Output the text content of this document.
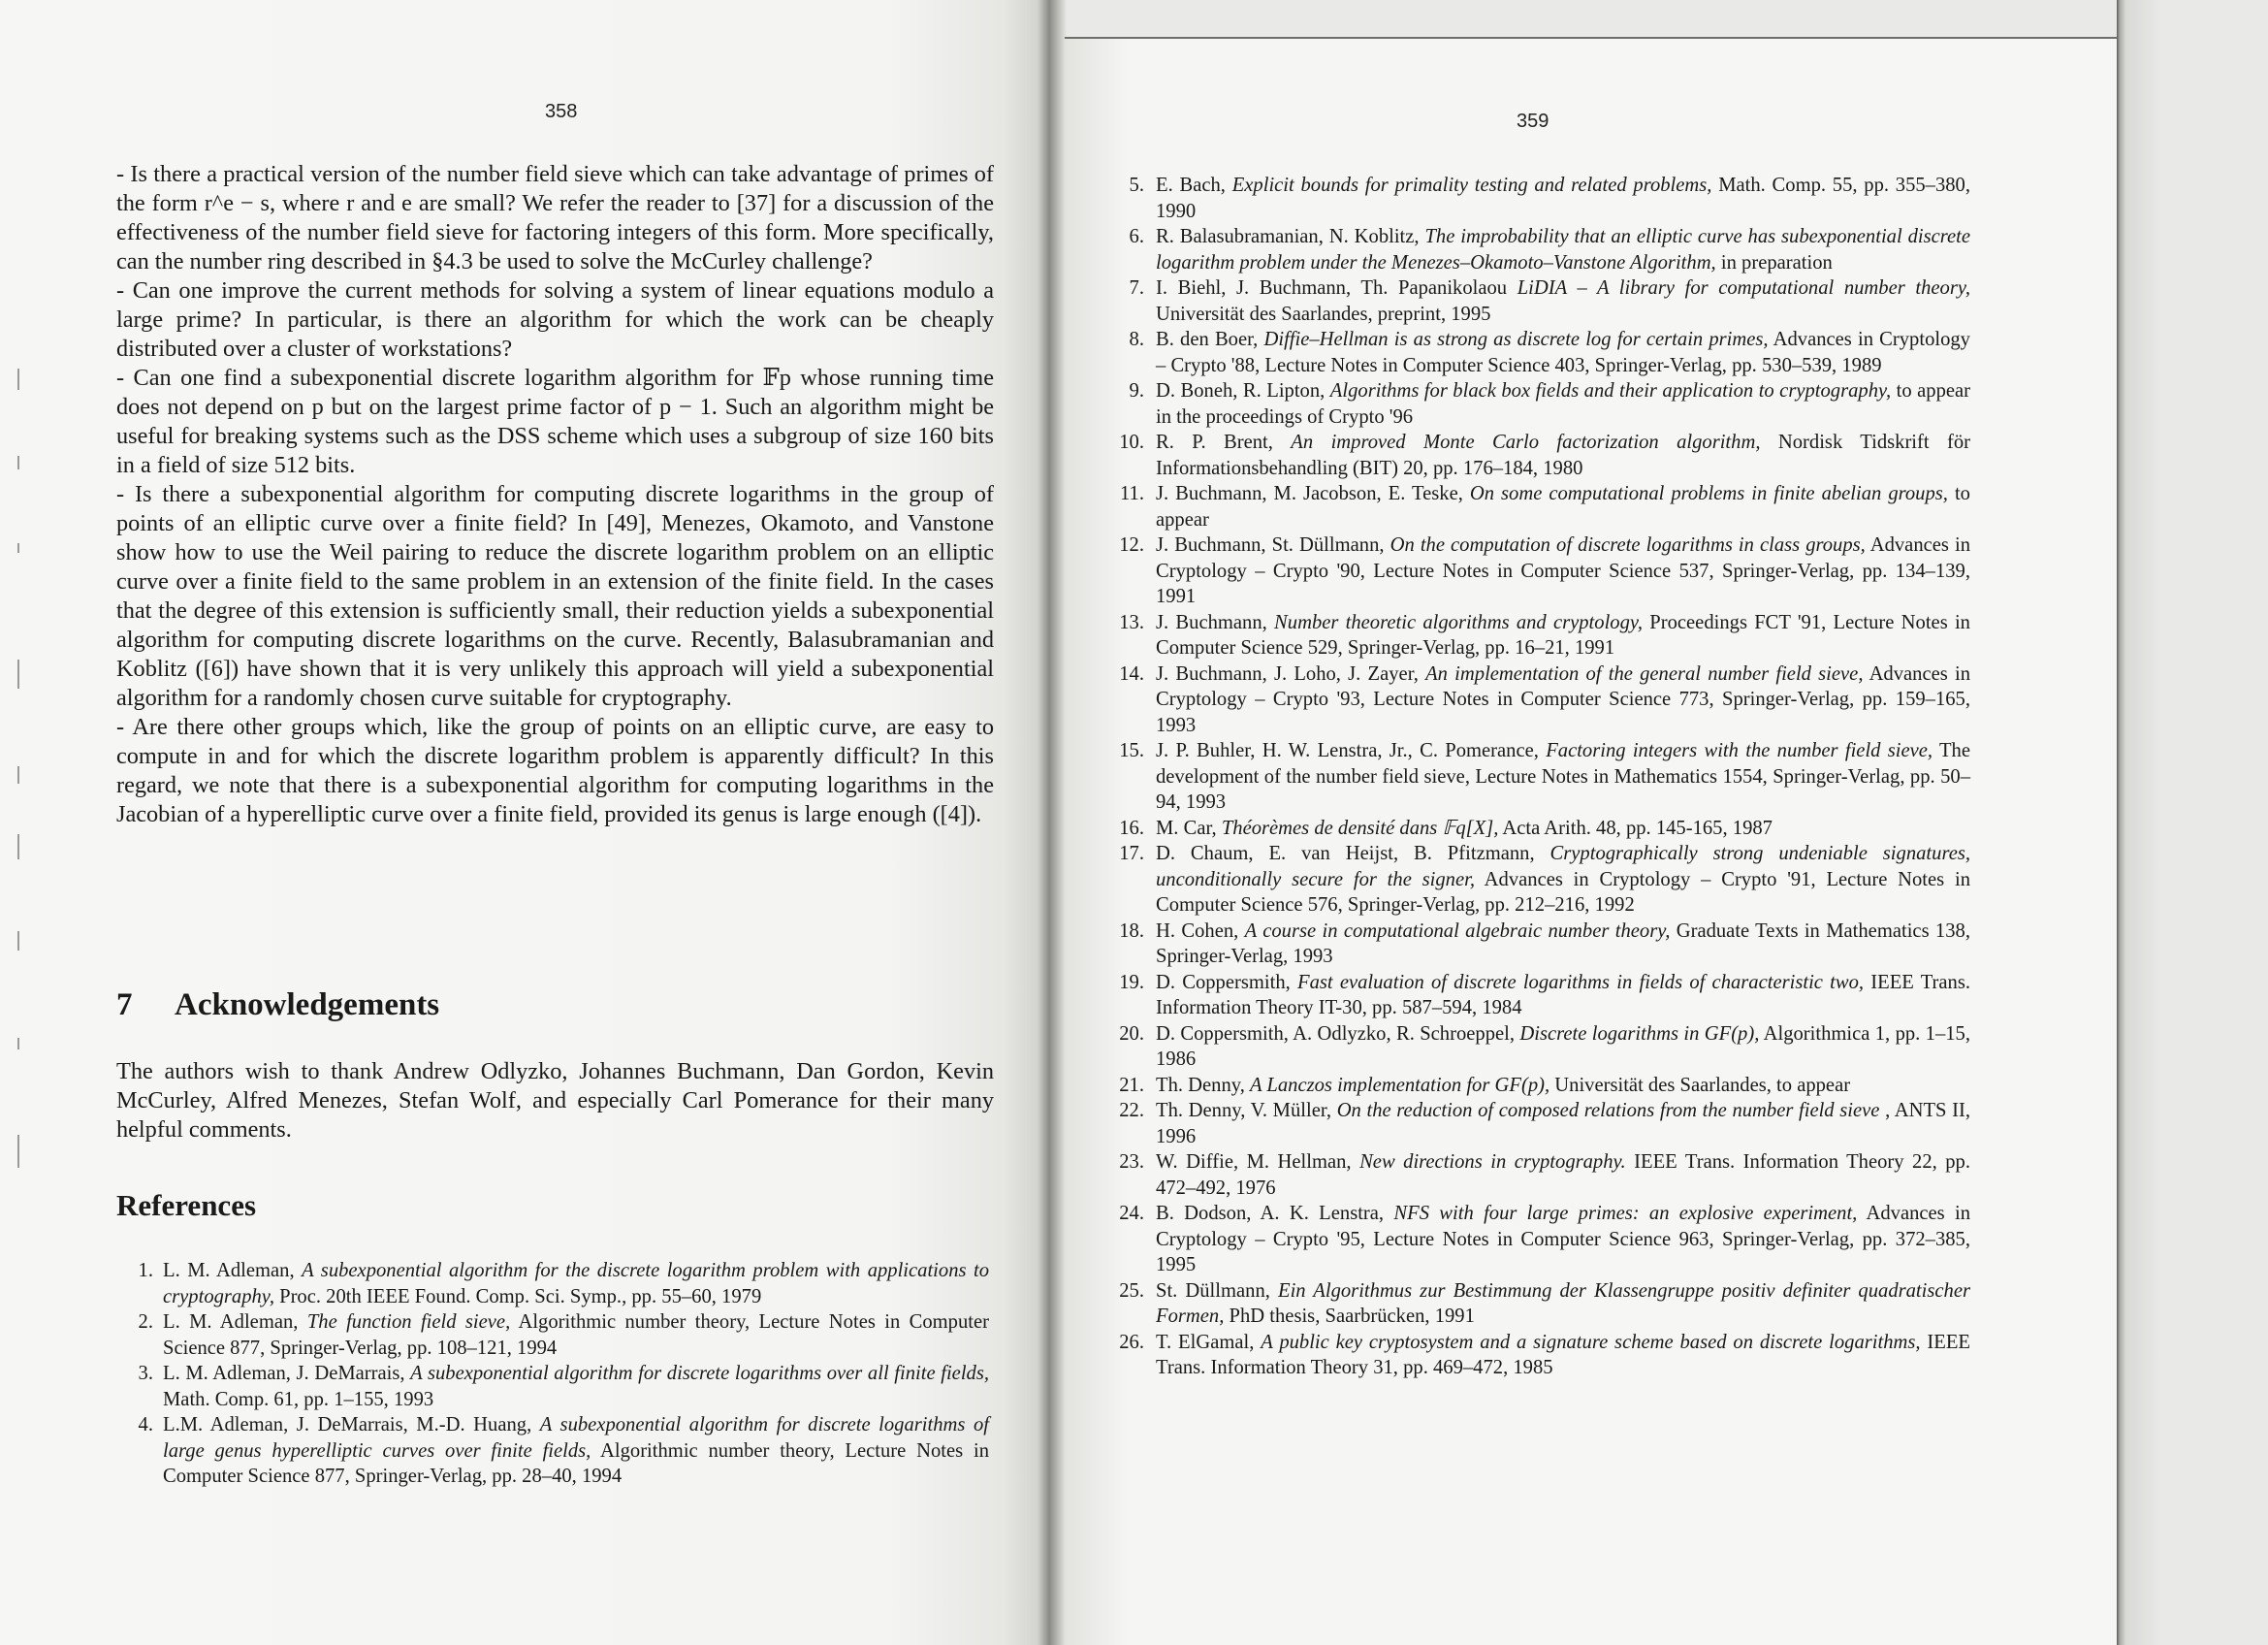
358

- Is there a practical version of the number field sieve which can take advantage of primes of the form r^e − s, where r and e are small? We refer the reader to [37] for a discussion of the effectiveness of the number field sieve for factoring integers of this form. More specifically, can the number ring described in §4.3 be used to solve the McCurley challenge?

- Can one improve the current methods for solving a system of linear equations modulo a large prime? In particular, is there an algorithm for which the work can be cheaply distributed over a cluster of workstations?

- Can one find a subexponential discrete logarithm algorithm for 𝔽p whose running time does not depend on p but on the largest prime factor of p − 1. Such an algorithm might be useful for breaking systems such as the DSS scheme which uses a subgroup of size 160 bits in a field of size 512 bits.

- Is there a subexponential algorithm for computing discrete logarithms in the group of points of an elliptic curve over a finite field? In [49], Menezes, Okamoto, and Vanstone show how to use the Weil pairing to reduce the discrete logarithm problem on an elliptic curve over a finite field to the same problem in an extension of the finite field. In the cases that the degree of this extension is sufficiently small, their reduction yields a subexponential algorithm for computing discrete logarithms on the curve. Recently, Balasubramanian and Koblitz ([6]) have shown that it is very unlikely this approach will yield a subexponential algorithm for a randomly chosen curve suitable for cryptography.

- Are there other groups which, like the group of points on an elliptic curve, are easy to compute in and for which the discrete logarithm problem is apparently difficult? In this regard, we note that there is a subexponential algorithm for computing logarithms in the Jacobian of a hyperelliptic curve over a finite field, provided its genus is large enough ([4]).

7 Acknowledgements

The authors wish to thank Andrew Odlyzko, Johannes Buchmann, Dan Gordon, Kevin McCurley, Alfred Menezes, Stefan Wolf, and especially Carl Pomerance for their many helpful comments.

References
1. L. M. Adleman, A subexponential algorithm for the discrete logarithm problem with applications to cryptography, Proc. 20th IEEE Found. Comp. Sci. Symp., pp. 55–60, 1979
2. L. M. Adleman, The function field sieve, Algorithmic number theory, Lecture Notes in Computer Science 877, Springer-Verlag, pp. 108–121, 1994
3. L. M. Adleman, J. DeMarrais, A subexponential algorithm for discrete logarithms over all finite fields, Math. Comp. 61, pp. 1–155, 1993
4. L.M. Adleman, J. DeMarrais, M.-D. Huang, A subexponential algorithm for discrete logarithms of large genus hyperelliptic curves over finite fields, Algorithmic number theory, Lecture Notes in Computer Science 877, Springer-Verlag, pp. 28–40, 1994
359
5. E. Bach, Explicit bounds for primality testing and related problems, Math. Comp. 55, pp. 355–380, 1990
6. R. Balasubramanian, N. Koblitz, The improbability that an elliptic curve has subexponential discrete logarithm problem under the Menezes–Okamoto–Vanstone Algorithm, in preparation
7. I. Biehl, J. Buchmann, Th. Papanikolaou LiDIA – A library for computational number theory, Universität des Saarlandes, preprint, 1995
8. B. den Boer, Diffie–Hellman is as strong as discrete log for certain primes, Advances in Cryptology – Crypto '88, Lecture Notes in Computer Science 403, Springer-Verlag, pp. 530–539, 1989
9. D. Boneh, R. Lipton, Algorithms for black box fields and their application to cryptography, to appear in the proceedings of Crypto '96
10. R. P. Brent, An improved Monte Carlo factorization algorithm, Nordisk Tidskrift för Informationsbehandling (BIT) 20, pp. 176–184, 1980
11. J. Buchmann, M. Jacobson, E. Teske, On some computational problems in finite abelian groups, to appear
12. J. Buchmann, St. Düllmann, On the computation of discrete logarithms in class groups, Advances in Cryptology – Crypto '90, Lecture Notes in Computer Science 537, Springer-Verlag, pp. 134–139, 1991
13. J. Buchmann, Number theoretic algorithms and cryptology, Proceedings FCT '91, Lecture Notes in Computer Science 529, Springer-Verlag, pp. 16–21, 1991
14. J. Buchmann, J. Loho, J. Zayer, An implementation of the general number field sieve, Advances in Cryptology – Crypto '93, Lecture Notes in Computer Science 773, Springer-Verlag, pp. 159–165, 1993
15. J. P. Buhler, H. W. Lenstra, Jr., C. Pomerance, Factoring integers with the number field sieve, The development of the number field sieve, Lecture Notes in Mathematics 1554, Springer-Verlag, pp. 50–94, 1993
16. M. Car, Théorèmes de densité dans 𝔽q[X], Acta Arith. 48, pp. 145-165, 1987
17. D. Chaum, E. van Heijst, B. Pfitzmann, Cryptographically strong undeniable signatures, unconditionally secure for the signer, Advances in Cryptology – Crypto '91, Lecture Notes in Computer Science 576, Springer-Verlag, pp. 212–216, 1992
18. H. Cohen, A course in computational algebraic number theory, Graduate Texts in Mathematics 138, Springer-Verlag, 1993
19. D. Coppersmith, Fast evaluation of discrete logarithms in fields of characteristic two, IEEE Trans. Information Theory IT-30, pp. 587–594, 1984
20. D. Coppersmith, A. Odlyzko, R. Schroeppel, Discrete logarithms in GF(p), Algorithmica 1, pp. 1–15, 1986
21. Th. Denny, A Lanczos implementation for GF(p), Universität des Saarlandes, to appear
22. Th. Denny, V. Müller, On the reduction of composed relations from the number field sieve , ANTS II, 1996
23. W. Diffie, M. Hellman, New directions in cryptography. IEEE Trans. Information Theory 22, pp. 472–492, 1976
24. B. Dodson, A. K. Lenstra, NFS with four large primes: an explosive experiment, Advances in Cryptology – Crypto '95, Lecture Notes in Computer Science 963, Springer-Verlag, pp. 372–385, 1995
25. St. Düllmann, Ein Algorithmus zur Bestimmung der Klassengruppe positiv definiter quadratischer Formen, PhD thesis, Saarbrücken, 1991
26. T. ElGamal, A public key cryptosystem and a signature scheme based on discrete logarithms, IEEE Trans. Information Theory 31, pp. 469–472, 1985
